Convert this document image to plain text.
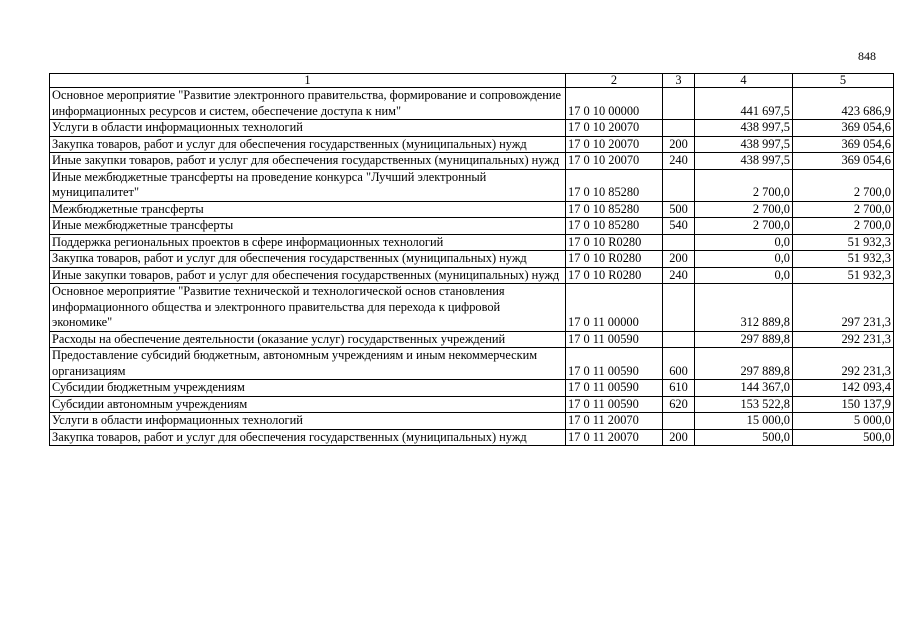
848
1	2	3	4	5
Основное мероприятие "Развитие электронного правительства, формирование и сопровождение информационных ресурсов и систем, обеспечение доступа к ним"	17 0 10 00000		441 697,5	423 686,9
Услуги в области информационных технологий	17 0 10 20070		438 997,5	369 054,6
Закупка товаров, работ и услуг для обеспечения государственных (муниципальных) нужд	17 0 10 20070	200	438 997,5	369 054,6
Иные закупки товаров, работ и услуг для обеспечения государственных (муниципальных) нужд	17 0 10 20070	240	438 997,5	369 054,6
Иные межбюджетные трансферты на проведение конкурса "Лучший электронный муниципалитет"	17 0 10 85280		2 700,0	2 700,0
Межбюджетные трансферты	17 0 10 85280	500	2 700,0	2 700,0
Иные межбюджетные трансферты	17 0 10 85280	540	2 700,0	2 700,0
Поддержка региональных проектов в сфере информационных технологий	17 0 10 R0280		0,0	51 932,3
Закупка товаров, работ и услуг для обеспечения государственных (муниципальных) нужд	17 0 10 R0280	200	0,0	51 932,3
Иные закупки товаров, работ и услуг для обеспечения государственных (муниципальных) нужд	17 0 10 R0280	240	0,0	51 932,3
Основное мероприятие "Развитие технической и технологической основ становления информационного общества и электронного правительства для перехода к цифровой экономике"	17 0 11 00000		312 889,8	297 231,3
Расходы на обеспечение деятельности (оказание услуг) государственных учреждений	17 0 11 00590		297 889,8	292 231,3
Предоставление субсидий бюджетным, автономным учреждениям и иным некоммерческим организациям	17 0 11 00590	600	297 889,8	292 231,3
Субсидии бюджетным учреждениям	17 0 11 00590	610	144 367,0	142 093,4
Субсидии автономным учреждениям	17 0 11 00590	620	153 522,8	150 137,9
Услуги в области информационных технологий	17 0 11 20070		15 000,0	5 000,0
Закупка товаров, работ и услуг для обеспечения государственных (муниципальных) нужд	17 0 11 20070	200	500,0	500,0
